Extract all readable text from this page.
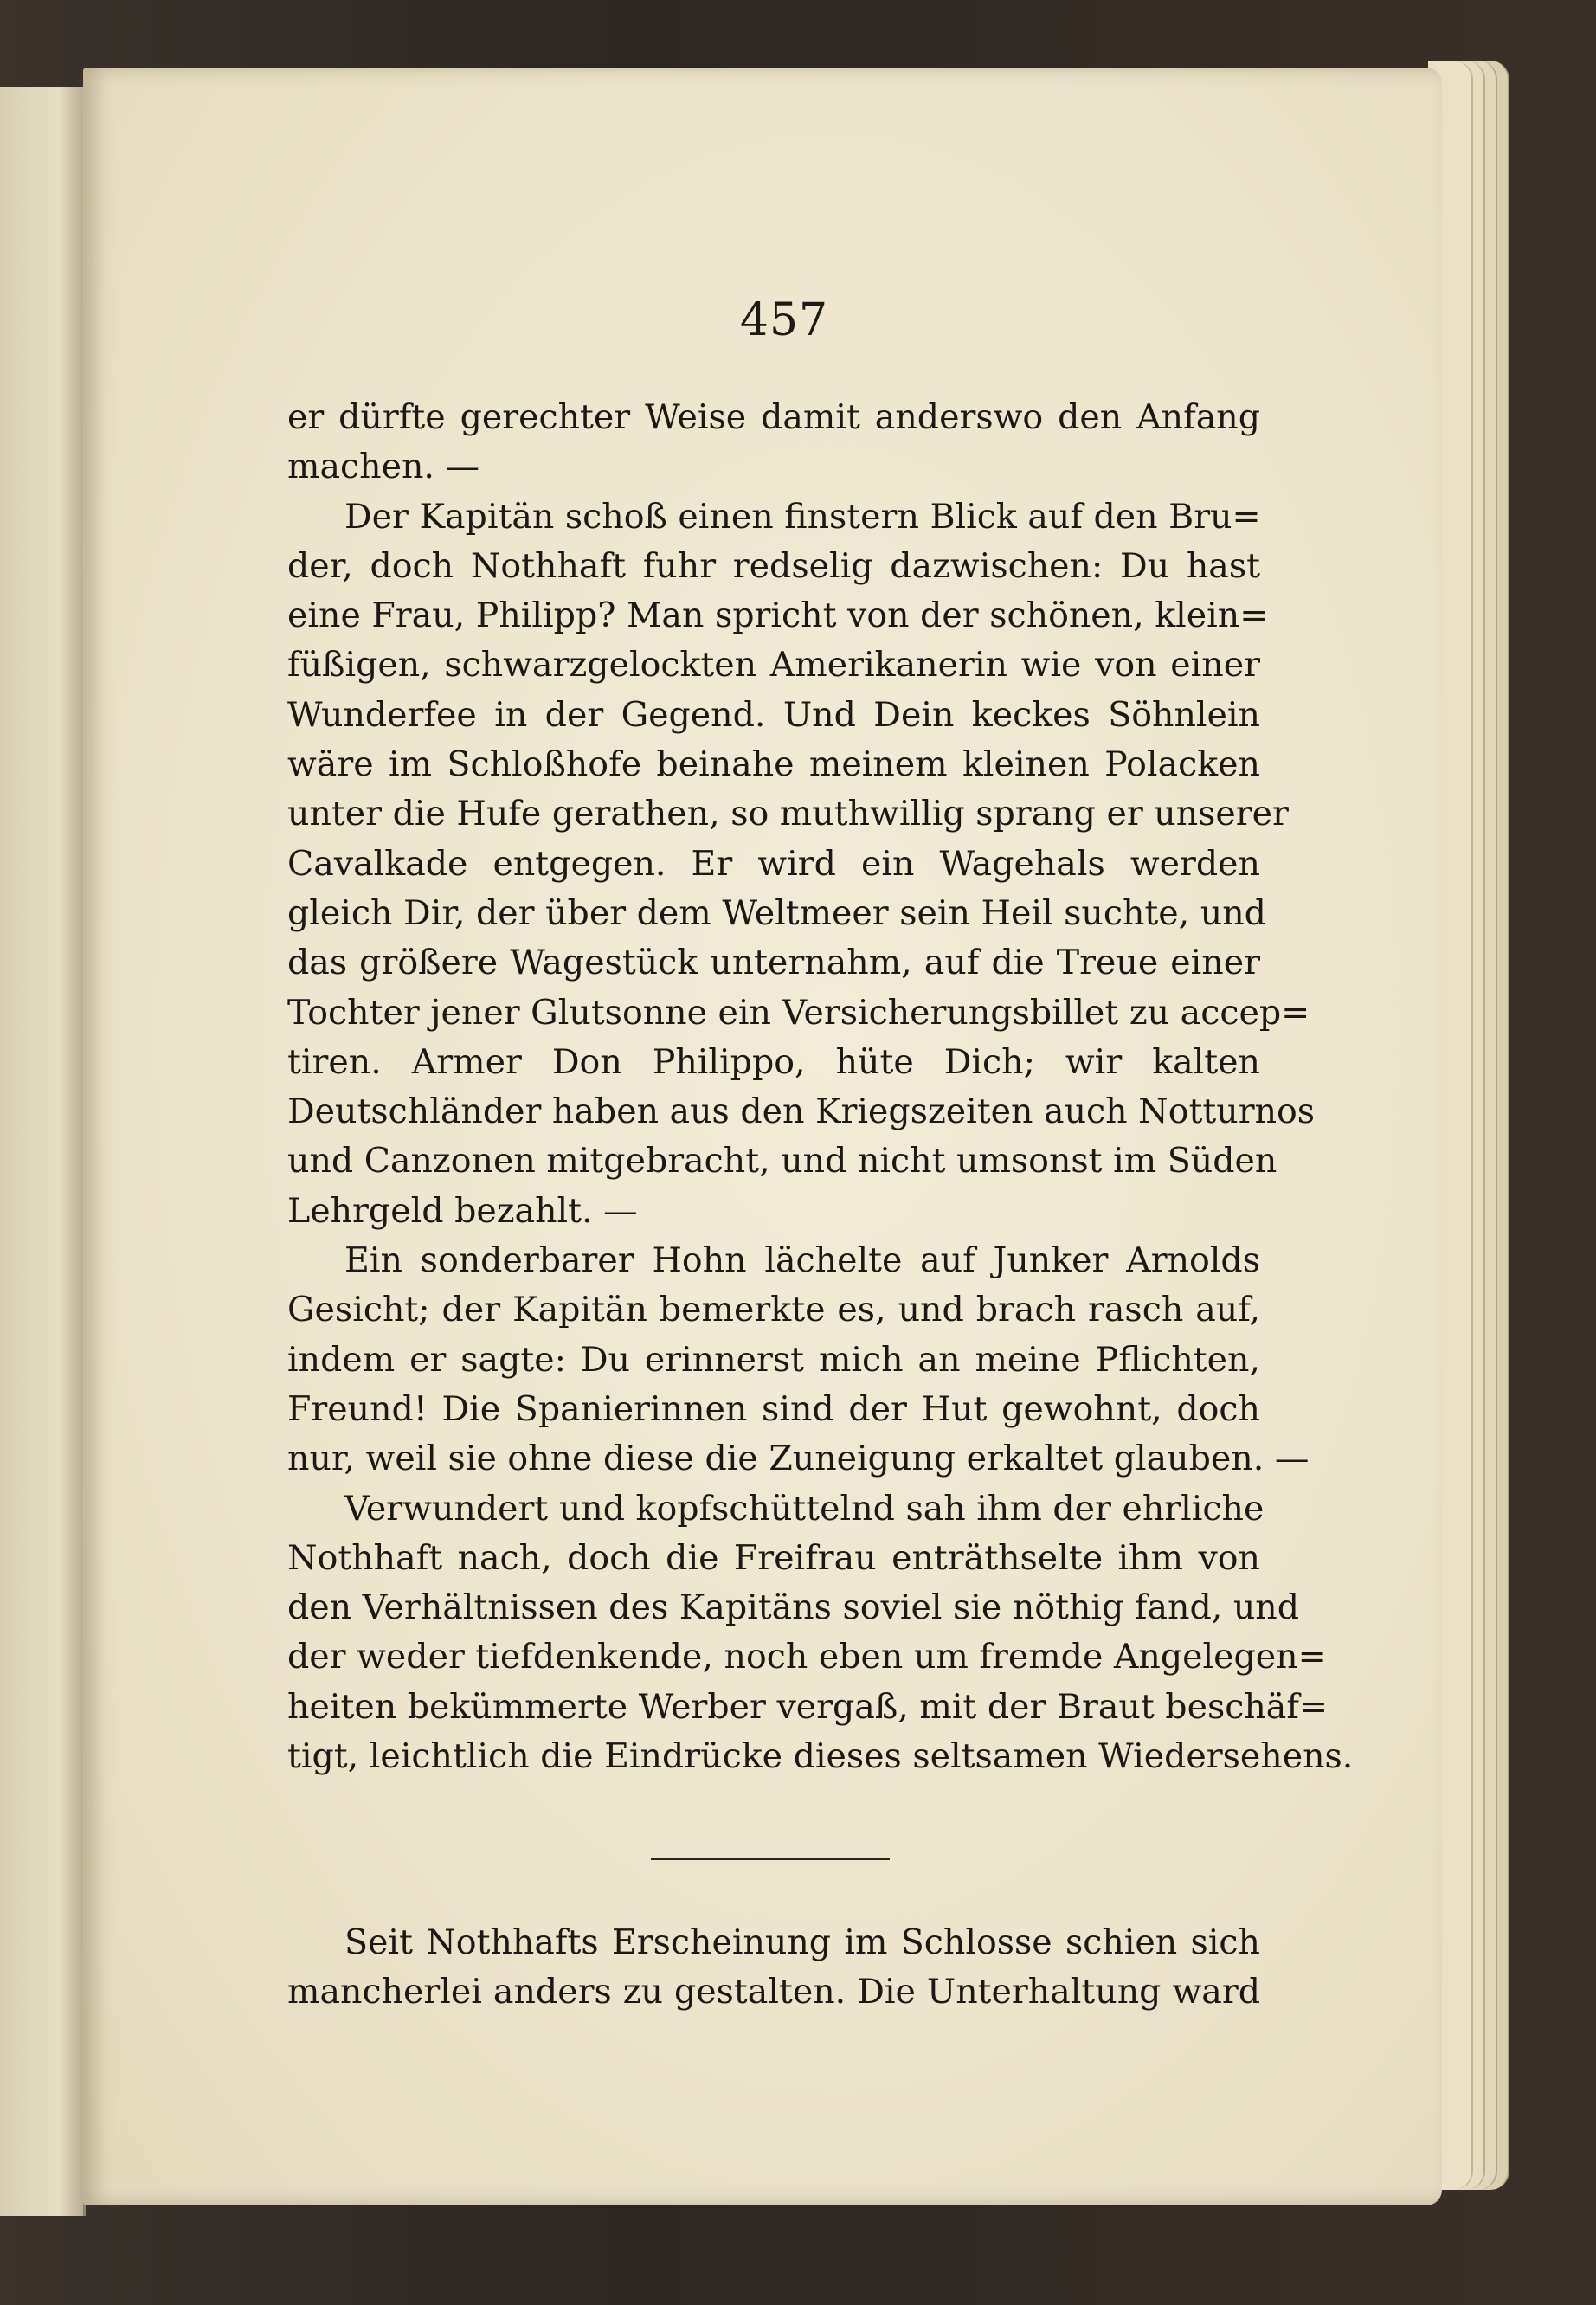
457
er dürfte gerechter Weise damit anderswo den Anfang
machen. —
Der Kapitän schoß einen finstern Blick auf den Bru=
der, doch Nothhaft fuhr redselig dazwischen: Du hast
eine Frau, Philipp? Man spricht von der schönen, klein=
füßigen, schwarzgelockten Amerikanerin wie von einer
Wunderfee in der Gegend. Und Dein keckes Söhnlein
wäre im Schloßhofe beinahe meinem kleinen Polacken
unter die Hufe gerathen, so muthwillig sprang er unserer
Cavalkade entgegen. Er wird ein Wagehals werden
gleich Dir, der über dem Weltmeer sein Heil suchte, und
das größere Wagestück unternahm, auf die Treue einer
Tochter jener Glutsonne ein Versicherungsbillet zu accep=
tiren. Armer Don Philippo, hüte Dich; wir kalten
Deutschländer haben aus den Kriegszeiten auch Notturnos
und Canzonen mitgebracht, und nicht umsonst im Süden
Lehrgeld bezahlt. —
Ein sonderbarer Hohn lächelte auf Junker Arnolds
Gesicht; der Kapitän bemerkte es, und brach rasch auf,
indem er sagte: Du erinnerst mich an meine Pflichten,
Freund! Die Spanierinnen sind der Hut gewohnt, doch
nur, weil sie ohne diese die Zuneigung erkaltet glauben. —
Verwundert und kopfschüttelnd sah ihm der ehrliche
Nothhaft nach, doch die Freifrau enträthselte ihm von
den Verhältnissen des Kapitäns soviel sie nöthig fand, und
der weder tiefdenkende, noch eben um fremde Angelegen=
heiten bekümmerte Werber vergaß, mit der Braut beschäf=
tigt, leichtlich die Eindrücke dieses seltsamen Wiedersehens.
Seit Nothhafts Erscheinung im Schlosse schien sich
mancherlei anders zu gestalten. Die Unterhaltung ward
